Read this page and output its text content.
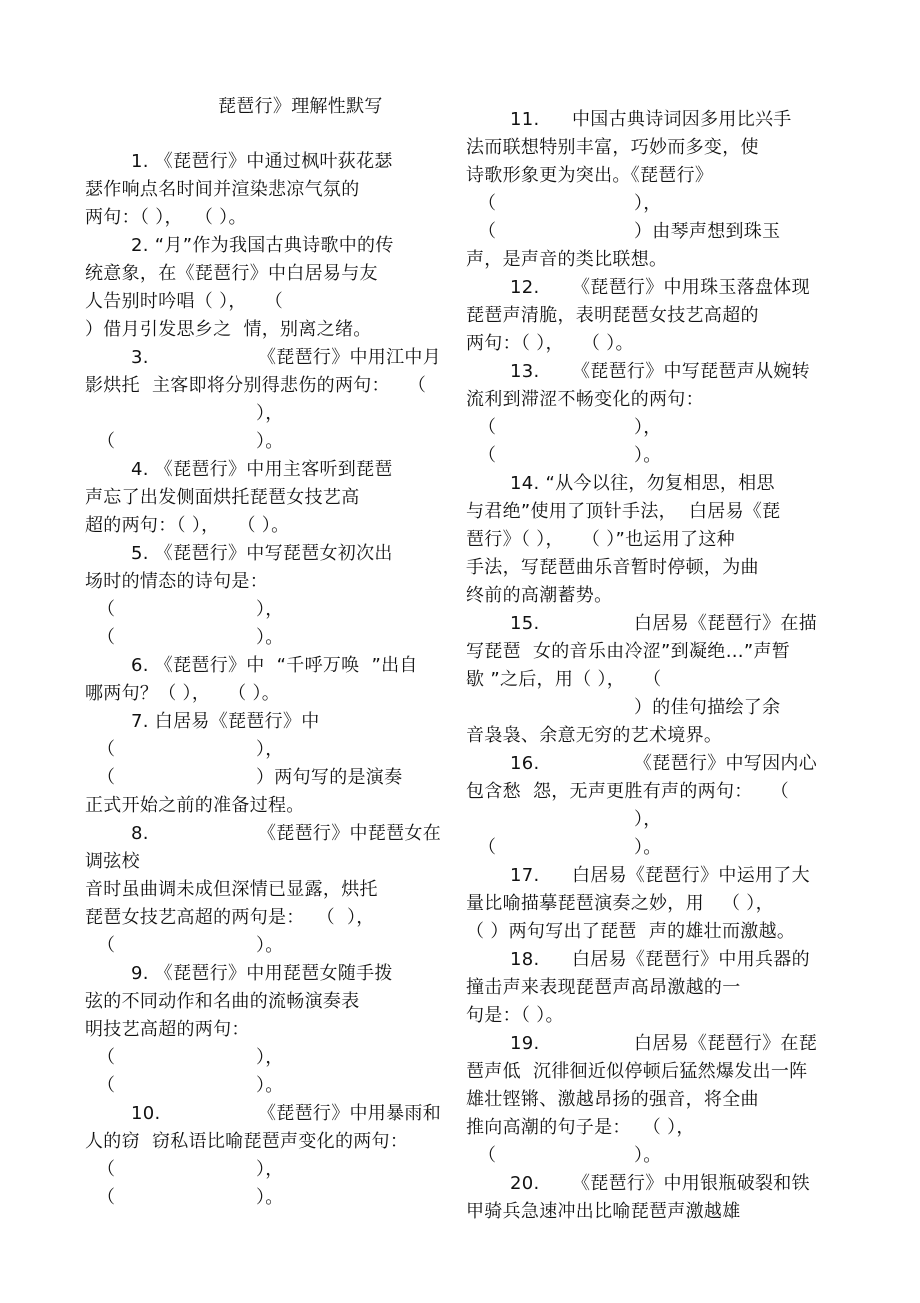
琵琶行》理解性默写
1. 《琵琶行》中通过枫叶荻花瑟
瑟作响点名时间并渲染悲凉气氛的
两句：（ ），  （ ）。
2. “月”作为我国古典诗歌中的传
统意象，在《琵琶行》中白居易与友
人告别时吟唱（ ），   （
）借月引发思乡之  情，别离之绪。
3.	《琵琶行》中用江中月
影烘托  主客即将分别得悲伤的两句：   （
），
（	）。
4. 《琵琶行》中用主客听到琵琶
声忘了出发侧面烘托琵琶女技艺高
超的两句：（ ），   （ ）。
5. 《琵琶行》中写琵琶女初次出
场时的情态的诗句是：
（	），
（	）。
6. 《琵琶行》中  “千呼万唤  ”出自
哪两句？（ ），   （ ）。
7. 白居易《琵琶行》中
（	），
（	）两句写的是演奏
正式开始之前的准备过程。
8.	《琵琶行》中琵琶女在
调弦校
音时虽曲调未成但深情已显露，烘托
琵琶女技艺高超的两句是：  （  ），
（	）。
9. 《琵琶行》中用琵琶女随手拨
弦的不同动作和名曲的流畅演奏表
明技艺高超的两句：
（	），
（	）。
10.	《琵琶行》中用暴雨和
人的窃  窃私语比喻琵琶声变化的两句：
（	），
（	）。
11. 中国古典诗词因多用比兴手
法而联想特别丰富，巧妙而多变，使
诗歌形象更为突出。《琵琶行》
（	），
（	）由琴声想到珠玉
声，是声音的类比联想。
12. 《琵琶行》中用珠玉落盘体现
琵琶声清脆，表明琵琶女技艺高超的
两句：（ ），   （ ）。
13. 《琵琶行》中写琵琶声从婉转
流利到滞涩不畅变化的两句：
（	），
（	）。
14. “从今以往，勿复相思，相思
与君绝”使用了顶针手法，  白居易《琵
琶行》（ ），   （ ）”也运用了这种
手法，写琵琶曲乐音暂时停顿，为曲
终前的高潮蓄势。
15.	白居易《琵琶行》在描
写琵琶  女的音乐由冷涩”到凝绝…”声暂
歇 ”之后，用（ ），   （
）的佳句描绘了余
音袅袅、余意无穷的艺术境界。
16.	《琵琶行》中写因内心
包含愁  怨，无声更胜有声的两句：   （
），
（	）。
17. 白居易《琵琶行》中运用了大
量比喻描摹琵琶演奏之妙，用   （ ），
（ ）两句写出了琵琶  声的雄壮而激越。
18. 白居易《琵琶行》中用兵器的
撞击声来表现琵琶声高昂激越的一
句是：（ ）。
19.	白居易《琵琶行》在琵
琶声低  沉徘徊近似停顿后猛然爆发出一阵
雄壮铿锵、激越昂扬的强音，将全曲
推向高潮的句子是：  （ ），
（	）。
20. 《琵琶行》中用银瓶破裂和铁
甲骑兵急速冲出比喻琵琶声激越雄
